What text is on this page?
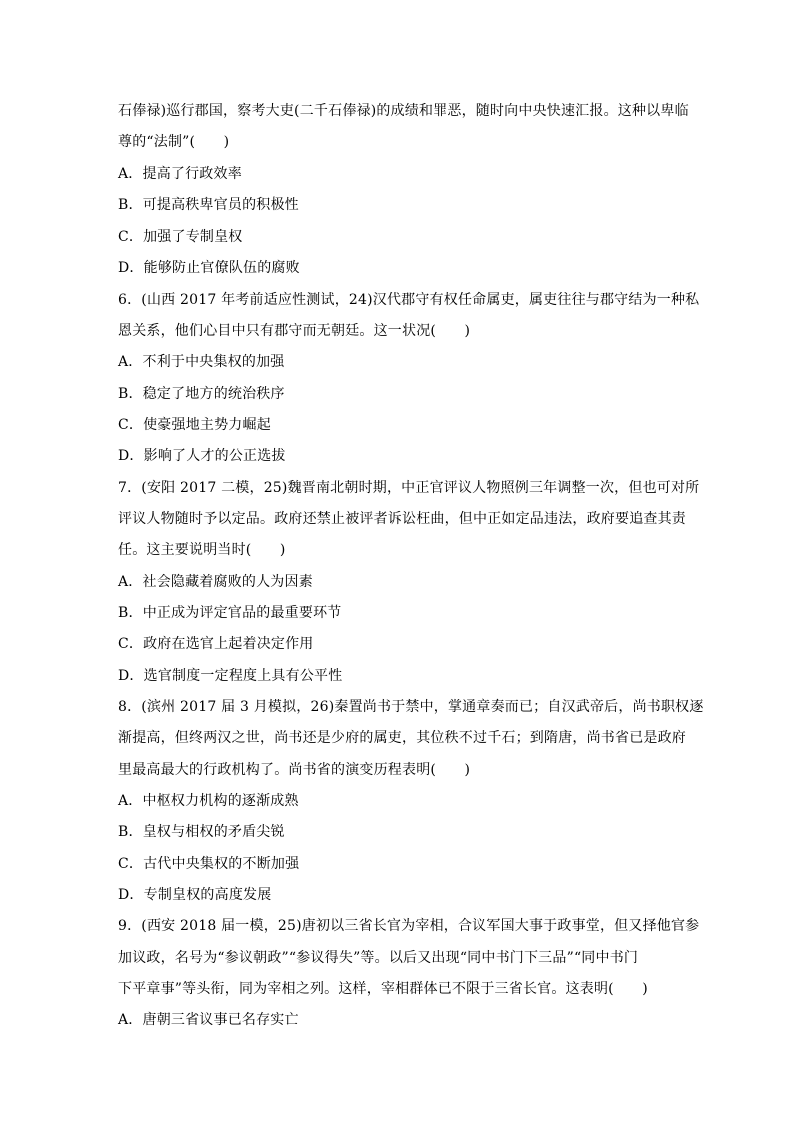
石俸禄)巡行郡国，察考大吏(二千石俸禄)的成绩和罪恶，随时向中央快速汇报。这种以卑临
尊的“法制”(　　)
A．提高了行政效率
B．可提高秩卑官员的积极性
C．加强了专制皇权
D．能够防止官僚队伍的腐败
6．(山西 2017 年考前适应性测试，24)汉代郡守有权任命属吏，属吏往往与郡守结为一种私
恩关系，他们心目中只有郡守而无朝廷。这一状况(　　)
A．不利于中央集权的加强
B．稳定了地方的统治秩序
C．使豪强地主势力崛起
D．影响了人才的公正选拔
7．(安阳 2017 二模，25)魏晋南北朝时期，中正官评议人物照例三年调整一次，但也可对所
评议人物随时予以定品。政府还禁止被评者诉讼枉曲，但中正如定品违法，政府要追查其责
任。这主要说明当时(　　)
A．社会隐藏着腐败的人为因素
B．中正成为评定官品的最重要环节
C．政府在选官上起着决定作用
D．选官制度一定程度上具有公平性
8．(滨州 2017 届 3 月模拟，26)秦置尚书于禁中，掌通章奏而已；自汉武帝后，尚书职权逐
渐提高，但终两汉之世，尚书还是少府的属吏，其位秩不过千石；到隋唐，尚书省已是政府
里最高最大的行政机构了。尚书省的演变历程表明(　　)
A．中枢权力机构的逐渐成熟
B．皇权与相权的矛盾尖锐
C．古代中央集权的不断加强
D．专制皇权的高度发展
9．(西安 2018 届一模，25)唐初以三省长官为宰相，合议军国大事于政事堂，但又择他官参
加议政，名号为“参议朝政”“参议得失”等。以后又出现“同中书门下三品”“同中书门
下平章事”等头衔，同为宰相之列。这样，宰相群体已不限于三省长官。这表明(　　)
A．唐朝三省议事已名存实亡
